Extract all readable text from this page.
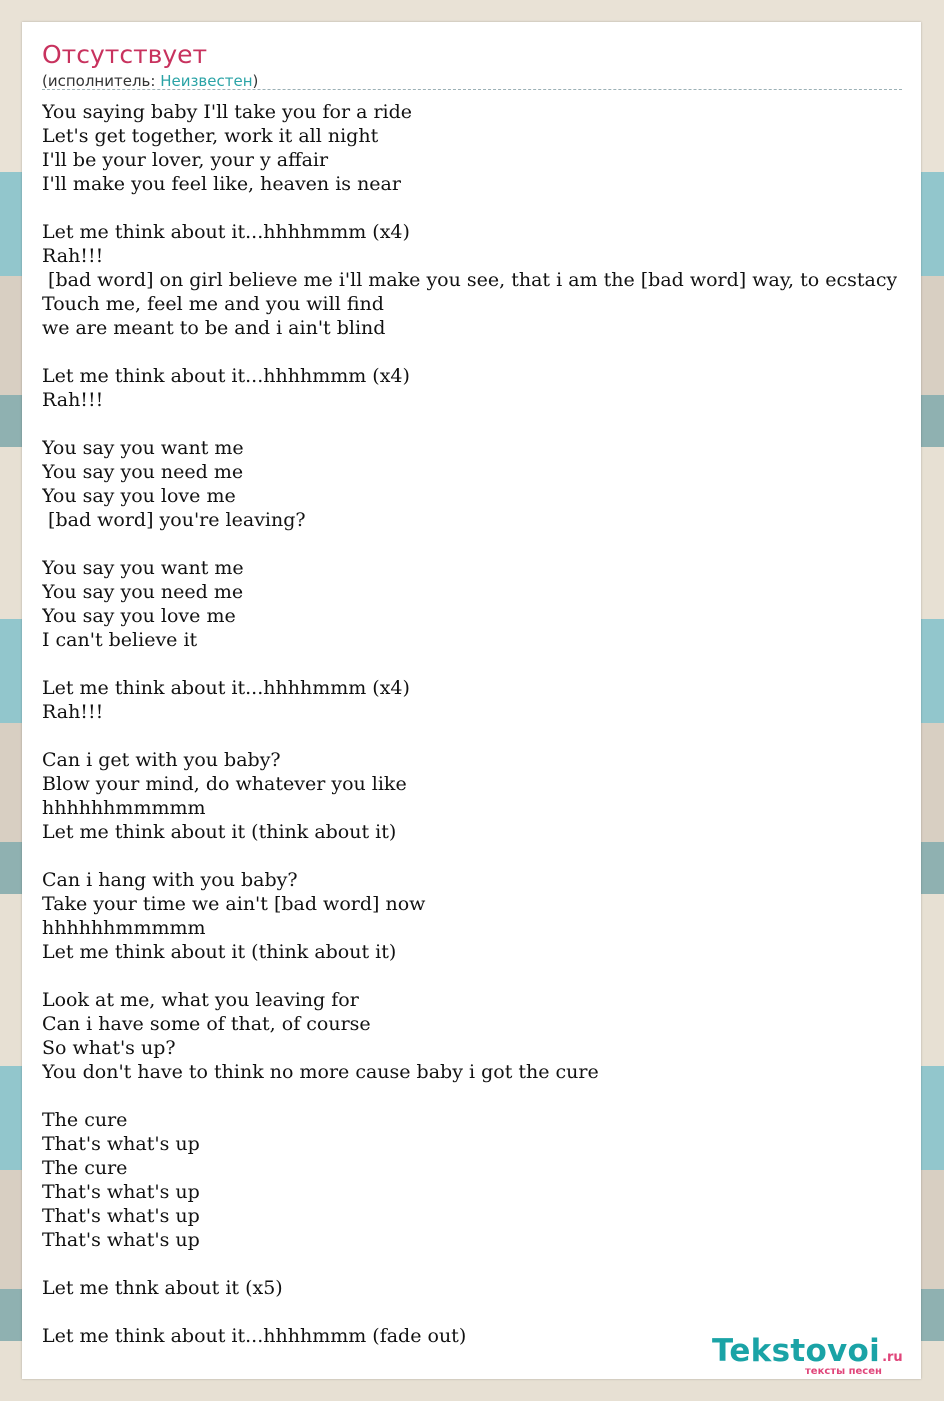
Отсутствует
(исполнитель: Неизвестен)
You saying baby I'll take you for a ride
Let's get together, work it all night
I'll be your lover, your y affair
I'll make you feel like, heaven is near

Let me think about it...hhhhmmm (x4)
Rah!!!
[bad word] on girl believe me i'll make you see, that i am the [bad word] way, to ecstacy
Touch me, feel me and you will find
we are meant to be and i ain't blind

Let me think about it...hhhhmmm (x4)
Rah!!!

You say you want me
You say you need me
You say you love me
[bad word] you're leaving?

You say you want me
You say you need me
You say you love me
I can't believe it

Let me think about it...hhhhmmm (x4)
Rah!!!

Can i get with you baby?
Blow your mind, do whatever you like
hhhhhhmmmmm
Let me think about it (think about it)

Can i hang with you baby?
Take your time we ain't [bad word] now
hhhhhhmmmmm
Let me think about it (think about it)

Look at me, what you leaving for
Can i have some of that, of course
So what's up?
You don't have to think no more cause baby i got the cure

The cure
That's what's up
The cure
That's what's up
That's what's up
That's what's up

Let me thnk about it (x5)

Let me think about it...hhhhmmm (fade out)	Tekstovoi .ru
тексты песен
